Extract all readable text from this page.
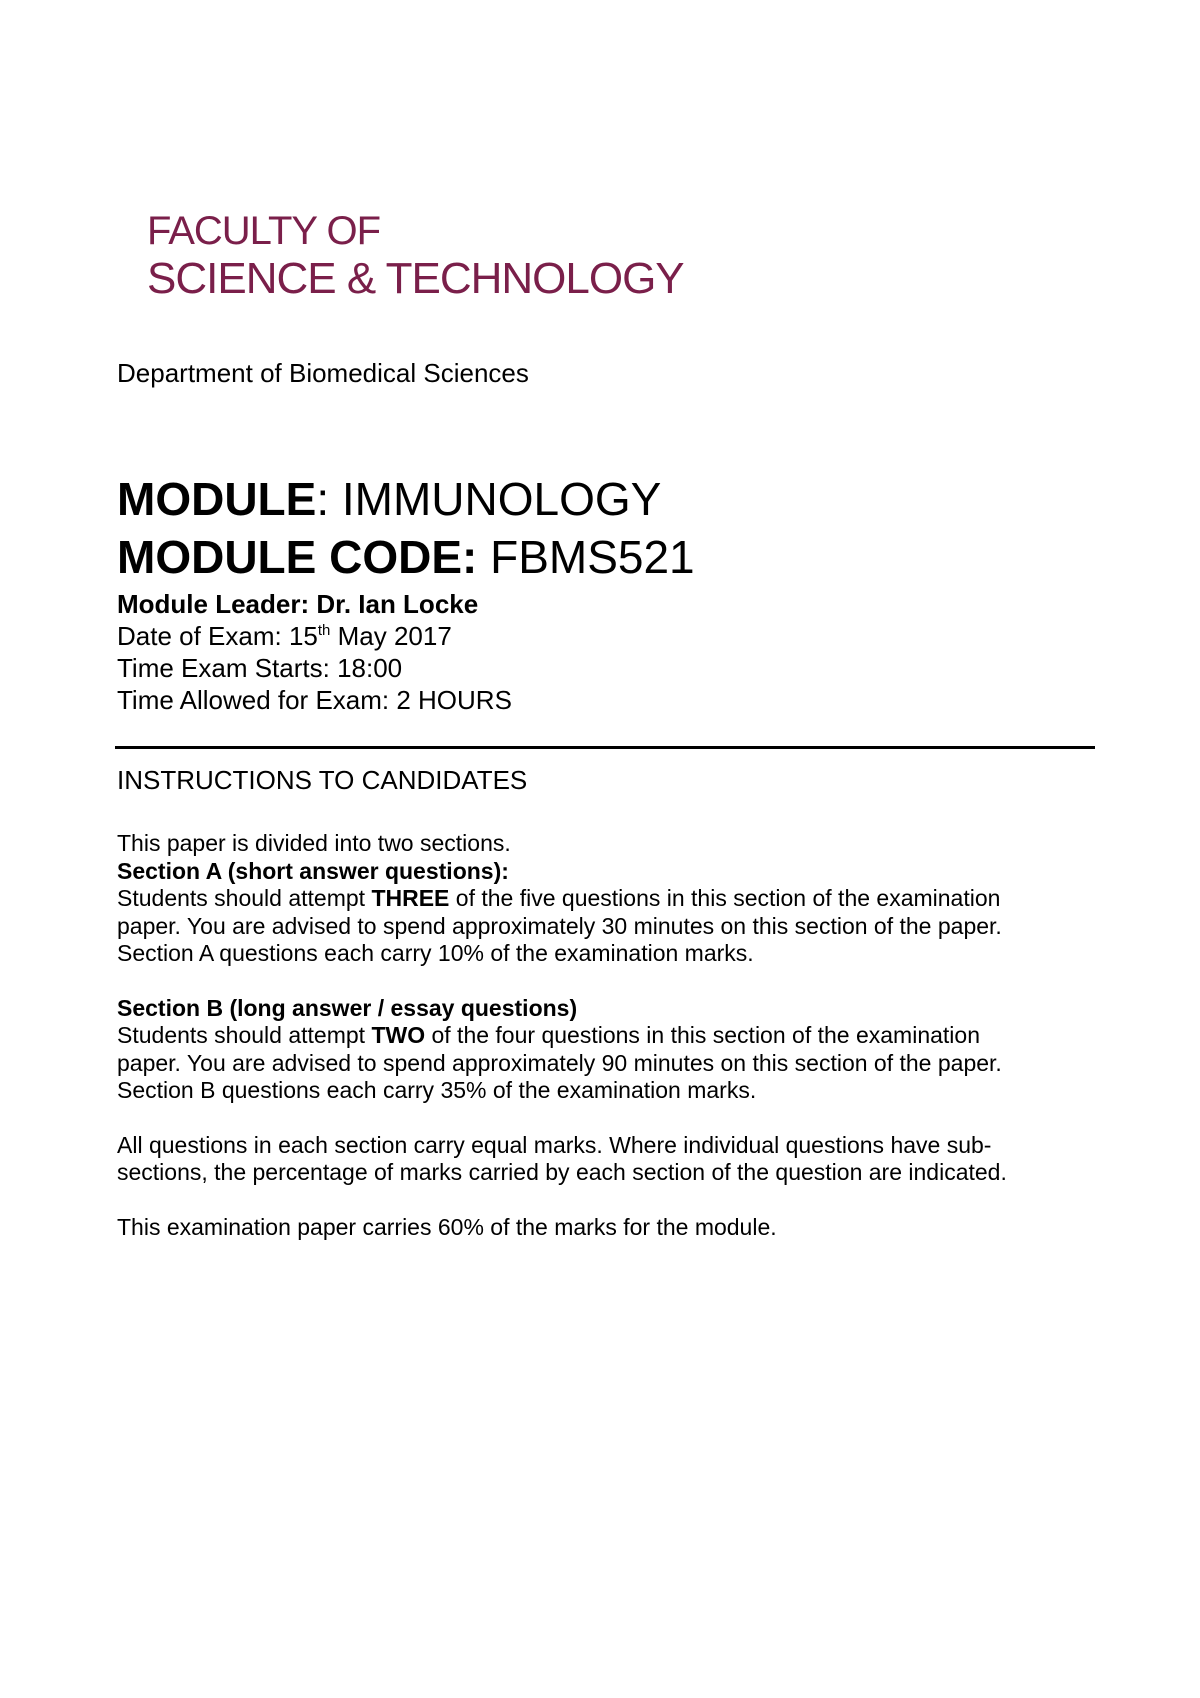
FACULTY OF
SCIENCE & TECHNOLOGY
Department of Biomedical Sciences
MODULE: IMMUNOLOGY
MODULE CODE: FBMS521
Module Leader: Dr. Ian Locke
Date of Exam: 15th May 2017
Time Exam Starts: 18:00
Time Allowed for Exam: 2 HOURS
INSTRUCTIONS TO CANDIDATES
This paper is divided into two sections.
Section A (short answer questions):
Students should attempt THREE of the five questions in this section of the examination
paper. You are advised to spend approximately 30 minutes on this section of the paper.
Section A questions each carry 10% of the examination marks.
Section B (long answer / essay questions)
Students should attempt TWO of the four questions in this section of the examination
paper. You are advised to spend approximately 90 minutes on this section of the paper.
Section B questions each carry 35% of the examination marks.
All questions in each section carry equal marks. Where individual questions have sub-
sections, the percentage of marks carried by each section of the question are indicated.
This examination paper carries 60% of the marks for the module.
